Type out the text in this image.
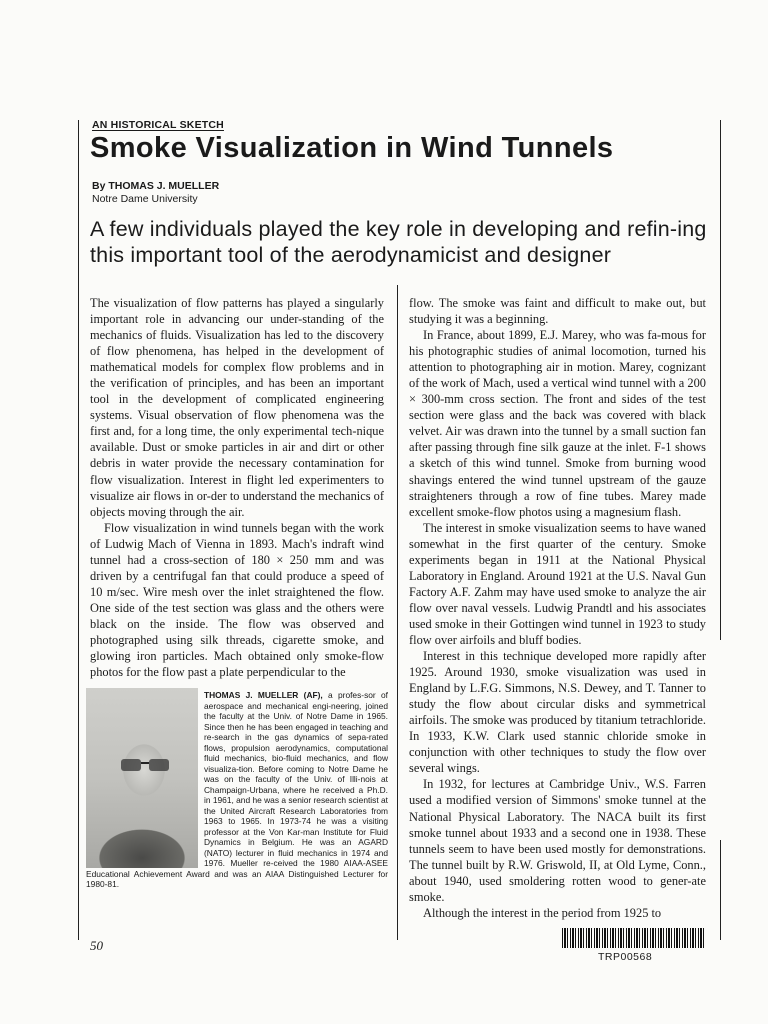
AN HISTORICAL SKETCH
Smoke Visualization in Wind Tunnels
By THOMAS J. MUELLER
Notre Dame University
A few individuals played the key role in developing and refin-ing this important tool of the aerodynamicist and designer

The visualization of flow patterns has played a singularly important role in advancing our under-standing of the mechanics of fluids. Visualization has led to the discovery of flow phenomena, has helped in the development of mathematical models for complex flow problems and in the verification of principles, and has been an important tool in the development of complicated engineering systems. Visual observation of flow phenomena was the first and, for a long time, the only experimental tech-nique available. Dust or smoke particles in air and dirt or other debris in water provide the necessary contamination for flow visualization. Interest in flight led experimenters to visualize air flows in or-der to understand the mechanics of objects moving through the air.

Flow visualization in wind tunnels began with the work of Ludwig Mach of Vienna in 1893. Mach's indraft wind tunnel had a cross-section of 180 × 250 mm and was driven by a centrifugal fan that could produce a speed of 10 m/sec. Wire mesh over the inlet straightened the flow. One side of the test section was glass and the others were black on the inside. The flow was observed and photographed using silk threads, cigarette smoke, and glowing iron particles. Mach obtained only smoke-flow photos for the flow past a plate perpendicular to the

THOMAS J. MUELLER (AF), a profes-sor of aerospace and mechanical engi-neering, joined the faculty at the Univ. of Notre Dame in 1965. Since then he has been engaged in teaching and re-search in the gas dynamics of sepa-rated flows, propulsion aerodynamics, computational fluid mechanics, bio-fluid mechanics, and flow visualiza-tion. Before coming to Notre Dame he was on the faculty of the Univ. of Illi-nois at Champaign-Urbana, where he received a Ph.D. in 1961, and he was a senior research scientist at the United Aircraft Research Laboratories from 1963 to 1965. In 1973-74 he was a visiting professor at the Von Kar-man Institute for Fluid Dynamics in Belgium. He was an AGARD (NATO) lecturer in fluid mechanics in 1974 and 1976. Mueller re-ceived the 1980 AIAA-ASEE Educational Achievement Award and was an AIAA Distinguished Lecturer for 1980-81.

flow. The smoke was faint and difficult to make out, but studying it was a beginning.

In France, about 1899, E.J. Marey, who was fa-mous for his photographic studies of animal locomotion, turned his attention to photographing air in motion. Marey, cognizant of the work of Mach, used a vertical wind tunnel with a 200 × 300-mm cross section. The front and sides of the test section were glass and the back was covered with black velvet. Air was drawn into the tunnel by a small suction fan after passing through fine silk gauze at the inlet. F-1 shows a sketch of this wind tunnel. Smoke from burning wood shavings entered the wind tunnel upstream of the gauze straighteners through a row of fine tubes. Marey made excellent smoke-flow photos using a magnesium flash.

The interest in smoke visualization seems to have waned somewhat in the first quarter of the century. Smoke experiments began in 1911 at the National Physical Laboratory in England. Around 1921 at the U.S. Naval Gun Factory A.F. Zahm may have used smoke to analyze the air flow over naval vessels. Ludwig Prandtl and his associates used smoke in their Gottingen wind tunnel in 1923 to study flow over airfoils and bluff bodies.

Interest in this technique developed more rapidly after 1925. Around 1930, smoke visualization was used in England by L.F.G. Simmons, N.S. Dewey, and T. Tanner to study the flow about circular disks and symmetrical airfoils. The smoke was produced by titanium tetrachloride. In 1933, K.W. Clark used stannic chloride smoke in conjunction with other techniques to study the flow over several wings.

In 1932, for lectures at Cambridge Univ., W.S. Farren used a modified version of Simmons' smoke tunnel at the National Physical Laboratory. The NACA built its first smoke tunnel about 1933 and a second one in 1938. These tunnels seem to have been used mostly for demonstrations. The tunnel built by R.W. Griswold, II, at Old Lyme, Conn., about 1940, used smoldering rotten wood to gener-ate smoke.

Although the interest in the period from 1925 to

50
TRP00568
